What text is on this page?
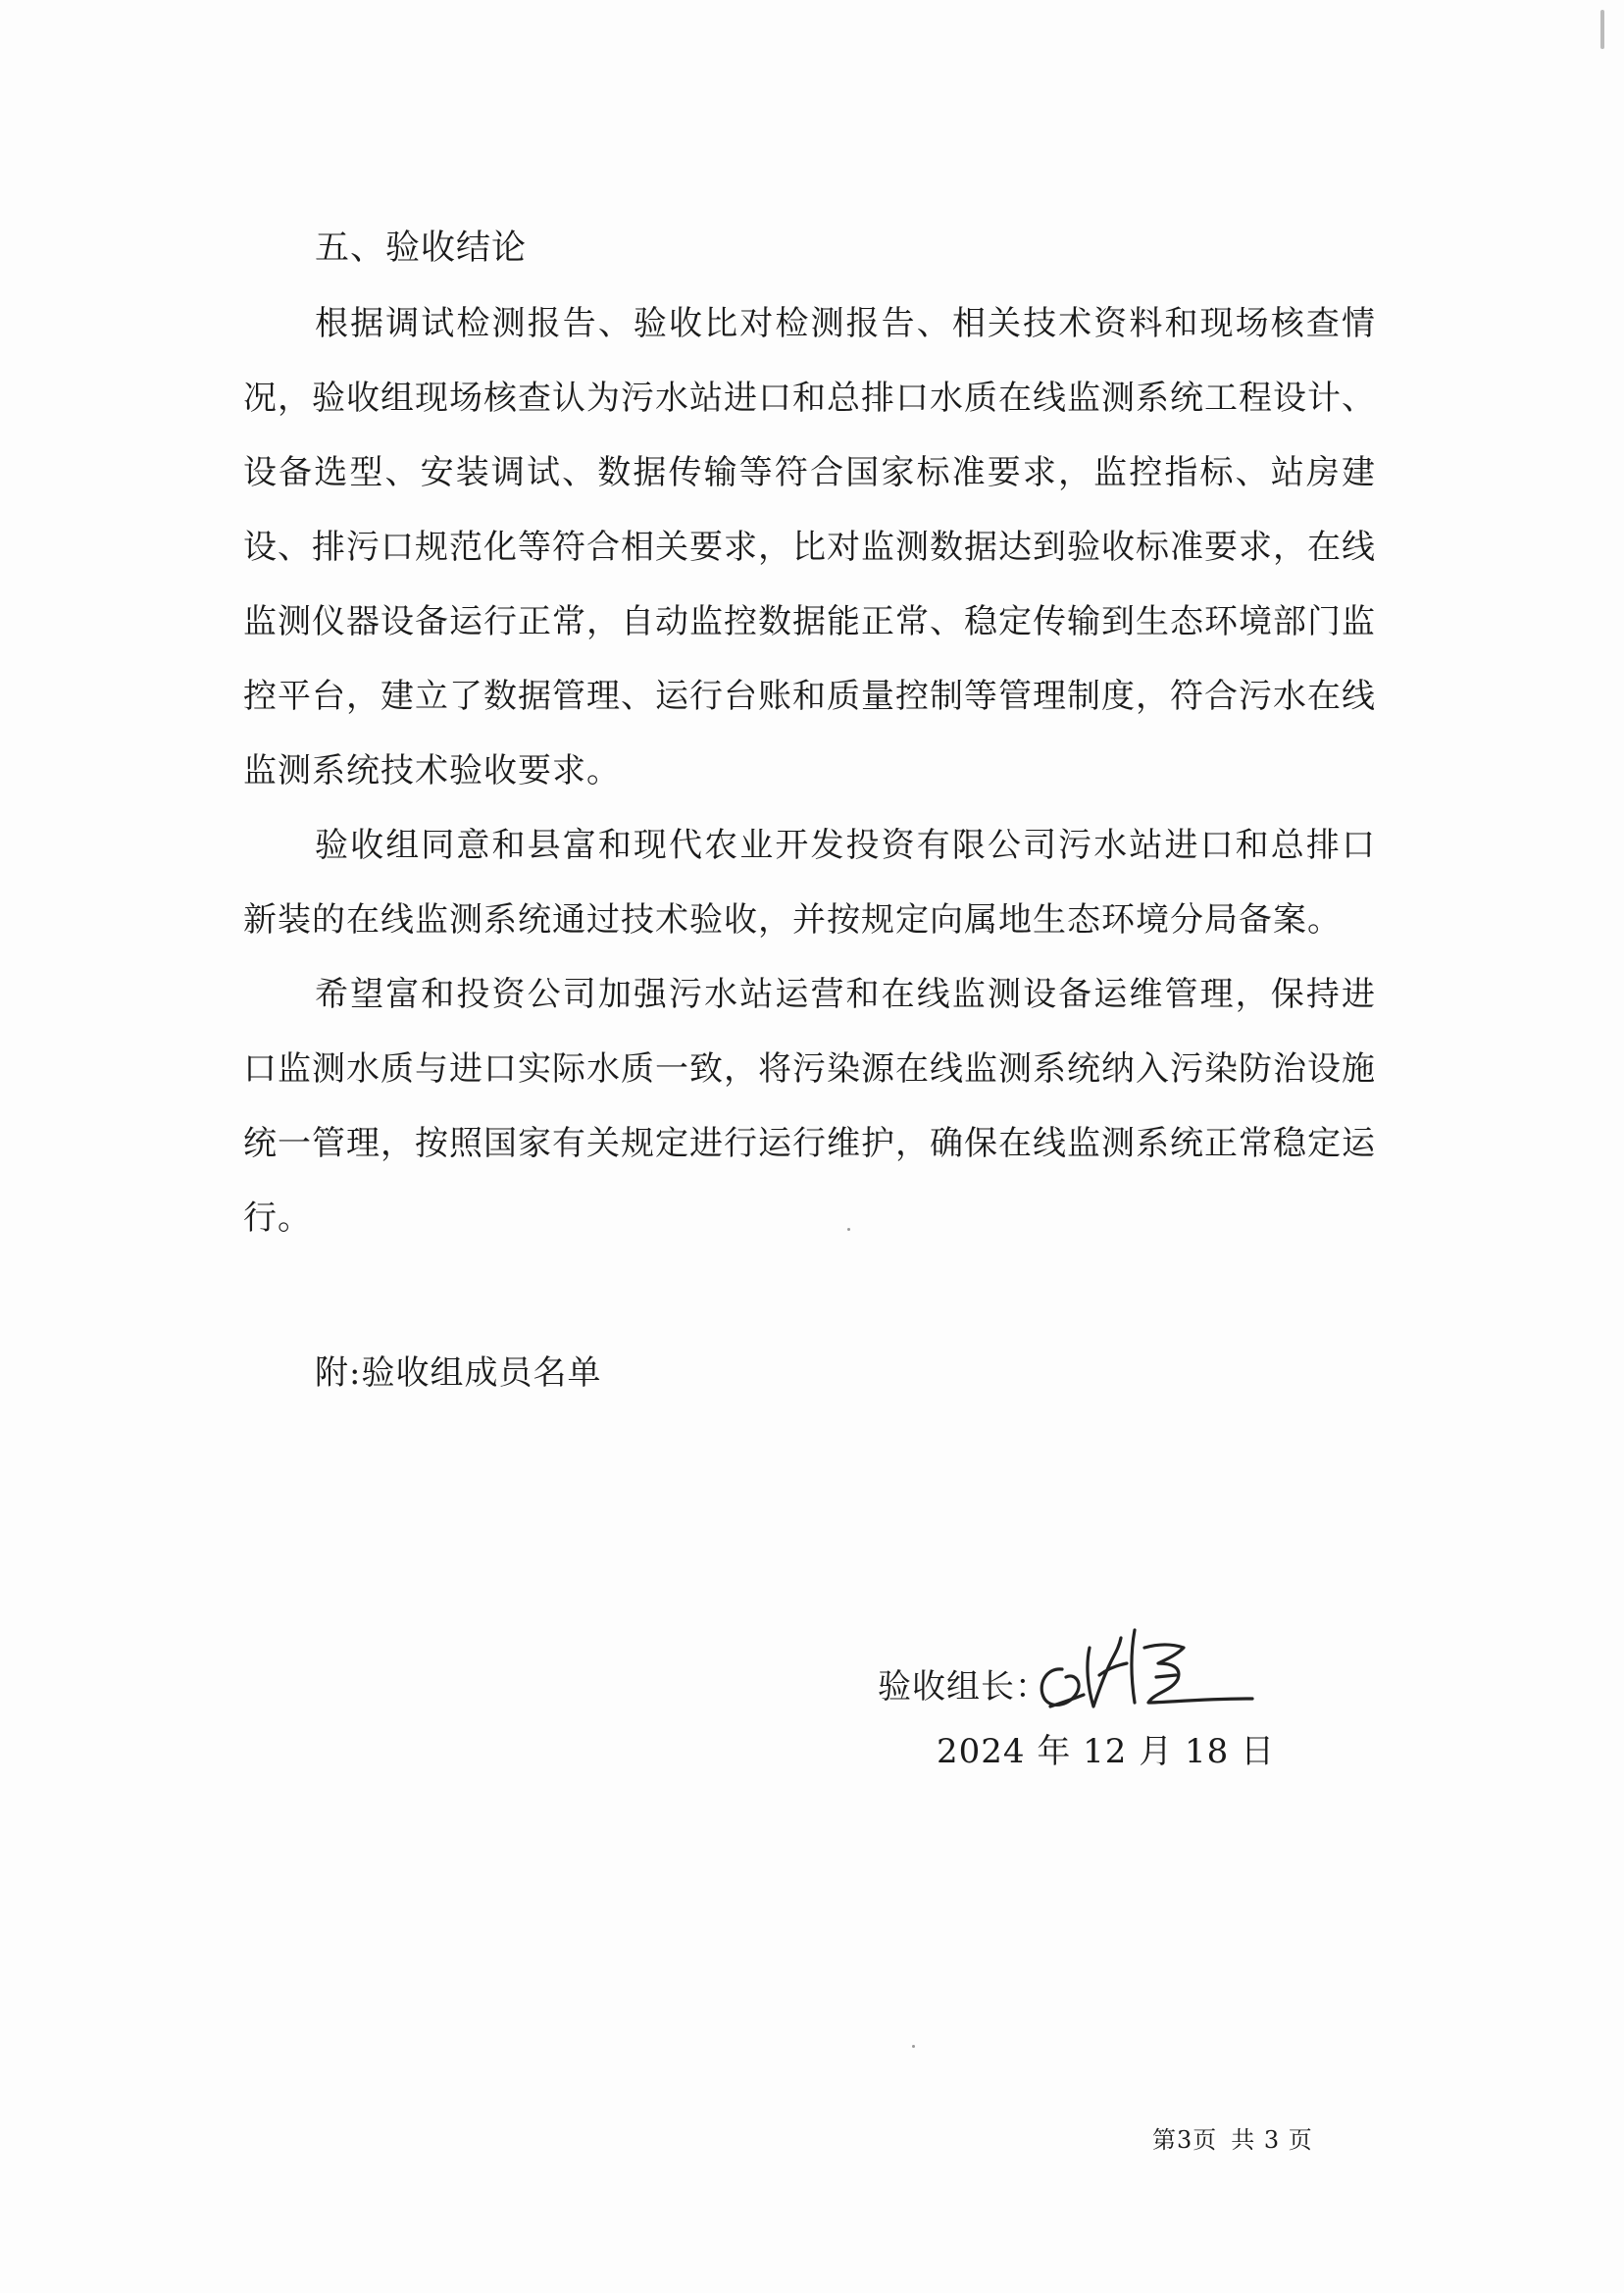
五、验收结论

根据调试检测报告、验收比对检测报告、相关技术资料和现场核查情况，验收组现场核查认为污水站进口和总排口水质在线监测系统工程设计、设备选型、安装调试、数据传输等符合国家标准要求，监控指标、站房建设、排污口规范化等符合相关要求，比对监测数据达到验收标准要求，在线监测仪器设备运行正常，自动监控数据能正常、稳定传输到生态环境部门监控平台，建立了数据管理、运行台账和质量控制等管理制度，符合污水在线监测系统技术验收要求。

验收组同意和县富和现代农业开发投资有限公司污水站进口和总排口新装的在线监测系统通过技术验收，并按规定向属地生态环境分局备案。

希望富和投资公司加强污水站运营和在线监测设备运维管理，保持进口监测水质与进口实际水质一致，将污染源在线监测系统纳入污染防治设施统一管理，按照国家有关规定进行运行维护，确保在线监测系统正常稳定运行。

附:验收组成员名单

验收组长：
2024 年 12 月 18 日
第3页 共 3 页
